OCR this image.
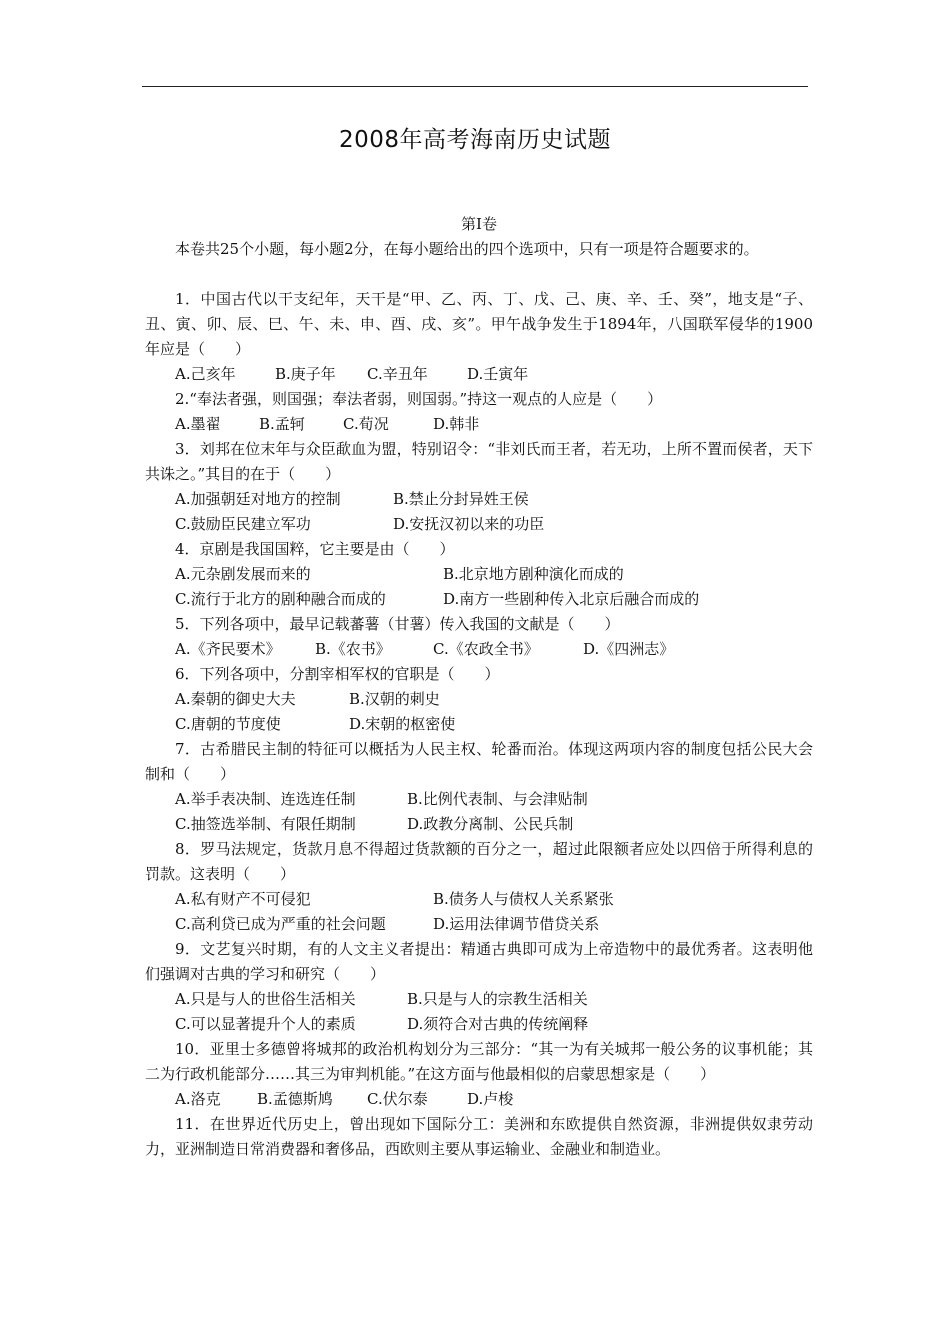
2008年高考海南历史试题
第Ⅰ卷
本卷共25个小题，每小题2分，在每小题给出的四个选项中，只有一项是符合题要求的。
1．中国古代以干支纪年，天干是“甲、乙、丙、丁、戊、己、庚、辛、壬、癸”，地支是“子、丑、寅、卯、辰、巳、午、未、申、酉、戌、亥”。甲午战争发生于1894年，八国联军侵华的1900年应是（　　）
A.己亥年	B.庚子年 C.辛丑年	D.壬寅年
2.“奉法者强，则国强；奉法者弱，则国弱。”持这一观点的人应是（　　）
A.墨翟	B.孟轲	C.荀况	D.韩非
3．刘邦在位末年与众臣歃血为盟，特别诏令：“非刘氏而王者，若无功，上所不置而侯者，天下共诛之。”其目的在于（　　）
A.加强朝廷对地方的控制	B.禁止分封异姓王侯
C.鼓励臣民建立军功	D.安抚汉初以来的功臣
4．京剧是我国国粹，它主要是由（　　）
A.元杂剧发展而来的	B.北京地方剧种演化而成的
C.流行于北方的剧种融合而成的	D.南方一些剧种传入北京后融合而成的
5．下列各项中，最早记载蕃薯（甘薯）传入我国的文献是（　　）
A.《齐民要术》 B.《农书》	C.《农政全书》	D.《四洲志》
6．下列各项中，分割宰相军权的官职是（　　）
A.秦朝的御史大夫	B.汉朝的刺史
C.唐朝的节度使	D.宋朝的枢密使
7．古希腊民主制的特征可以概括为人民主权、轮番而治。体现这两项内容的制度包括公民大会制和（　　）
A.举手表决制、连选连任制	B.比例代表制、与会津贴制
C.抽签选举制、有限任期制	D.政教分离制、公民兵制
8．罗马法规定，货款月息不得超过货款额的百分之一，超过此限额者应处以四倍于所得利息的罚款。这表明（　　）
A.私有财产不可侵犯	B.债务人与债权人关系紧张
C.高利贷已成为严重的社会问题	D.运用法律调节借贷关系
9．文艺复兴时期，有的人文主义者提出：精通古典即可成为上帝造物中的最优秀者。这表明他们强调对古典的学习和研究（　　）
A.只是与人的世俗生活相关	B.只是与人的宗教生活相关
C.可以显著提升个人的素质	D.须符合对古典的传统阐释
10．亚里士多德曾将城邦的政治机构划分为三部分：“其一为有关城邦一般公务的议事机能；其二为行政机能部分……其三为审判机能。”在这方面与他最相似的启蒙思想家是（　　）
A.洛克 B.孟德斯鸠 C.伏尔泰	D.卢梭
11．在世界近代历史上，曾出现如下国际分工：美洲和东欧提供自然资源，非洲提供奴隶劳动力，亚洲制造日常消费器和奢侈品，西欧则主要从事运输业、金融业和制造业。
